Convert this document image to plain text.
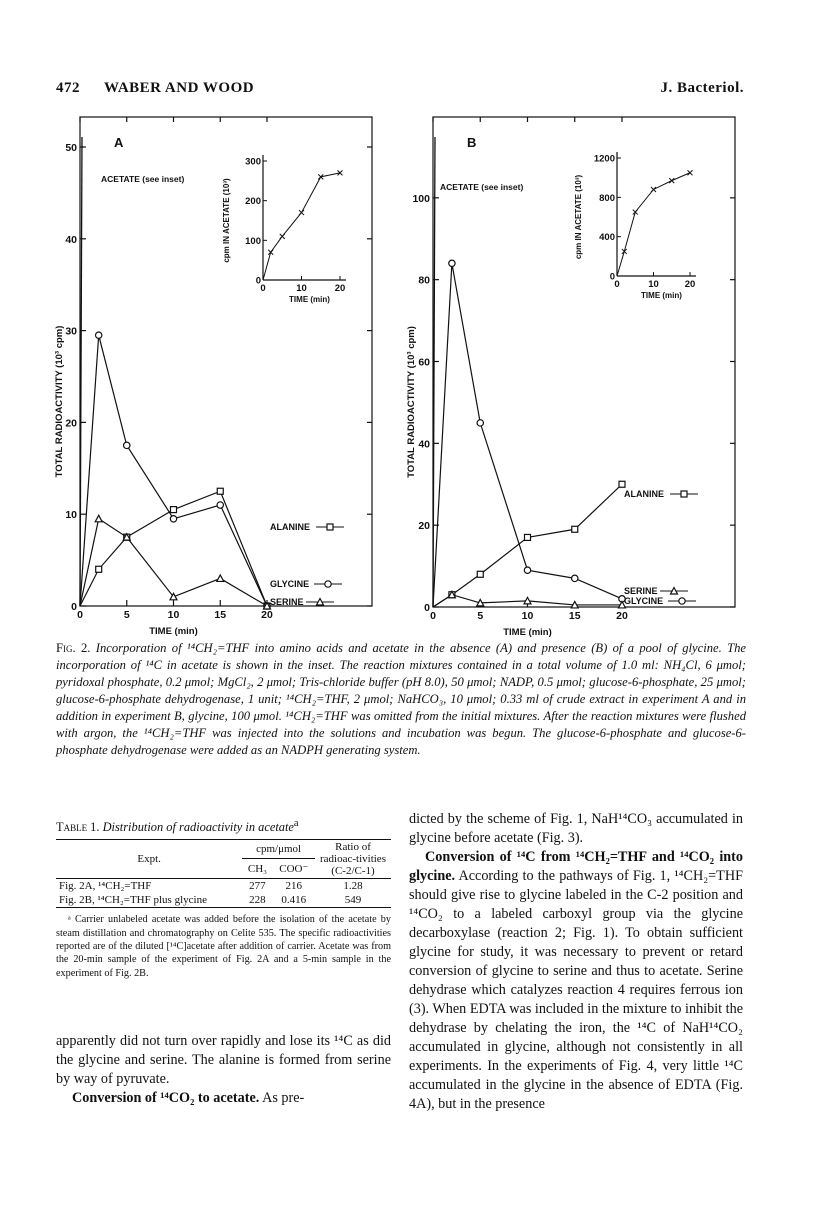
472 WABER AND WOOD	J. Bacteriol.
A
0
10
20
30
40
50
0	5	10	15	20
TIME (min)
TOTAL RADIOACTIVITY (10³ cpm)
ACETATE (see inset)
ALANINE
GLYCINE
SERINE
0
100
200
300
0	10	20
TIME (min)
cpm IN ACETATE (10³)
B
0
20
40
60
80
100
0	5	10	15	20
TIME (min)
TOTAL RADIOACTIVITY (10³ cpm)
ACETATE (see inset)
ALANINE
GLYCINE
SERINE
0
400
800
1200
0	10	20
TIME (min)
cpm IN ACETATE (10³)
Fig. 2. Incorporation of ¹⁴CH₂=THF into amino acids and acetate in the absence (A) and presence (B) of a pool of glycine. The incorporation of ¹⁴C in acetate is shown in the inset. The reaction mixtures contained in a total volume of 1.0 ml: NH₄Cl, 6 μmol; pyridoxal phosphate, 0.2 μmol; MgCl₂, 2 μmol; Tris-chloride buffer (pH 8.0), 50 μmol; NADP, 0.5 μmol; glucose-6-phosphate, 25 μmol; glucose-6-phosphate dehydrogenase, 1 unit; ¹⁴CH₂=THF, 2 μmol; NaHCO₃, 10 μmol; 0.33 ml of crude extract in experiment A and in addition in experiment B, glycine, 100 μmol. ¹⁴CH₂=THF was omitted from the initial mixtures. After the reaction mixtures were flushed with argon, the ¹⁴CH₂=THF was injected into the solutions and incubation was begun. The glucose-6-phosphate and glucose-6-phosphate dehydrogenase were added as an NADPH generating system.
Table 1. Distribution of radioactivity in acetate$^a$
Expt.	cpm/μmol		Ratio of radioac-tivities (C-2/C-1)
	CH₃	COO⁻	
Fig. 2A, ¹⁴CH₂=THF	277	216	1.28
Fig. 2B, ¹⁴CH₂=THF plus glycine	228	0.416	549
ᵃ Carrier unlabeled acetate was added before the isolation of the acetate by steam distillation and chromatography on Celite 535. The specific radioactivities reported are of the diluted [¹⁴C]acetate after addition of carrier. Acetate was from the 20-min sample of the experiment of Fig. 2A and a 5-min sample in the experiment of Fig. 2B.

apparently did not turn over rapidly and lose its ¹⁴C as did the glycine and serine. The alanine is formed from serine by way of pyruvate.

Conversion of ¹⁴CO₂ to acetate. As pre-

dicted by the scheme of Fig. 1, NaH¹⁴CO₃ accumulated in glycine before acetate (Fig. 3).

Conversion of ¹⁴C from ¹⁴CH₂=THF and ¹⁴CO₂ into glycine. According to the pathways of Fig. 1, ¹⁴CH₂=THF should give rise to glycine labeled in the C-2 position and ¹⁴CO₂ to a labeled carboxyl group via the glycine decarboxylase (reaction 2; Fig. 1). To obtain sufficient glycine for study, it was necessary to prevent or retard conversion of glycine to serine and thus to acetate. Serine dehydrase which catalyzes reaction 4 requires ferrous ion (3). When EDTA was included in the mixture to inhibit the dehydrase by chelating the iron, the ¹⁴C of NaH¹⁴CO₂ accumulated in glycine, although not consistently in all experiments. In the experiments of Fig. 4, very little ¹⁴C accumulated in the glycine in the absence of EDTA (Fig. 4A), but in the presence
